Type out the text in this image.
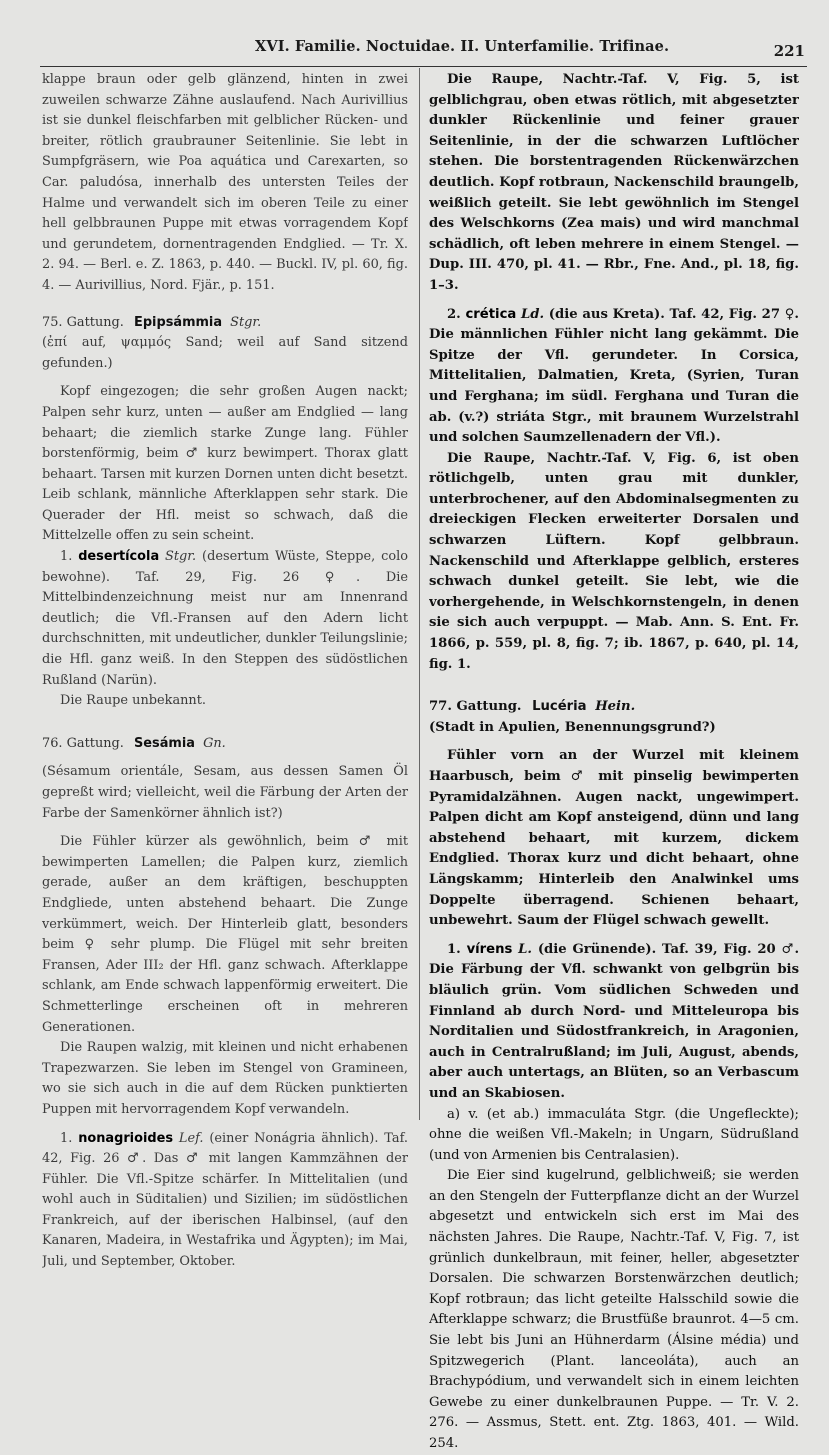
XVI. Familie. Noctuidae. II. Unterfamilie. Trifinae.	221

klappe braun oder gelb glänzend, hinten in zwei zuweilen schwarze Zähne auslaufend. Nach Aurivillius ist sie dunkel fleischfarben mit gelblicher Rücken- und breiter, rötlich graubrauner Seitenlinie. Sie lebt in Sumpfgräsern, wie Poa aquática und Carexarten, so Car. paludósa, innerhalb des untersten Teiles der Halme und verwandelt sich im oberen Teile zu einer hell gelbbraunen Puppe mit etwas vorragendem Kopf und gerundetem, dornentragenden Endglied. — Tr. X. 2. 94. — Berl. e. Z. 1863, p. 440. — Buckl. IV, pl. 60, fig. 4. — Aurivillius, Nord. Fjär., p. 151.

75. Gattung. Epipsámmia Stgr.

(ἐπί auf, ψαμμός Sand; weil auf Sand sitzend gefunden.)

Kopf eingezogen; die sehr großen Augen nackt; Palpen sehr kurz, unten — außer am Endglied — lang behaart; die ziemlich starke Zunge lang. Fühler borstenförmig, beim ♂ kurz bewimpert. Thorax glatt behaart. Tarsen mit kurzen Dornen unten dicht besetzt. Leib schlank, männliche Afterklappen sehr stark. Die Querader der Hfl. meist so schwach, daß die Mittelzelle offen zu sein scheint.

1. desertícola Stgr. (desertum Wüste, Steppe, colo bewohne). Taf. 29, Fig. 26 ♀. Die Mittelbindenzeichnung meist nur am Innenrand deutlich; die Vfl.-Fransen auf den Adern licht durchschnitten, mit undeutlicher, dunkler Teilungslinie; die Hfl. ganz weiß. In den Steppen des südöstlichen Rußland (Narün).

Die Raupe unbekannt.

76. Gattung. Sesámia Gn.

(Sésamum orientále, Sesam, aus dessen Samen Öl gepreßt wird; vielleicht, weil die Färbung der Arten der Farbe der Samenkörner ähnlich ist?)

Die Fühler kürzer als gewöhnlich, beim ♂ mit bewimperten Lamellen; die Palpen kurz, ziemlich gerade, außer an dem kräftigen, beschuppten Endgliede, unten abstehend behaart. Die Zunge verkümmert, weich. Der Hinterleib glatt, besonders beim ♀ sehr plump. Die Flügel mit sehr breiten Fransen, Ader III₂ der Hfl. ganz schwach. Afterklappe schlank, am Ende schwach lappenförmig erweitert. Die Schmetterlinge erscheinen oft in mehreren Generationen.

Die Raupen walzig, mit kleinen und nicht erhabenen Trapezwarzen. Sie leben im Stengel von Gramineen, wo sie sich auch in die auf dem Rücken punktierten Puppen mit hervorragendem Kopf verwandeln.

1. nonagrioides Lef. (einer Nonágria ähnlich). Taf. 42, Fig. 26 ♂. Das ♂ mit langen Kammzähnen der Fühler. Die Vfl.-Spitze schärfer. In Mittelitalien (und wohl auch in Süditalien) und Sizilien; im südöstlichen Frankreich, auf der iberischen Halbinsel, (auf den Kanaren, Madeira, in Westafrika und Ägypten); im Mai, Juli, und September, Oktober.

Die Raupe, Nachtr.-Taf. V, Fig. 5, ist gelblichgrau, oben etwas rötlich, mit abgesetzter dunkler Rückenlinie und feiner grauer Seitenlinie, in der die schwarzen Luftlöcher stehen. Die borstentragenden Rückenwärzchen deutlich. Kopf rotbraun, Nackenschild braungelb, weißlich geteilt. Sie lebt gewöhnlich im Stengel des Welschkorns (Zea mais) und wird manchmal schädlich, oft leben mehrere in einem Stengel. — Dup. III. 470, pl. 41. — Rbr., Fne. And., pl. 18, fig. 1–3.

2. crética Ld. (die aus Kreta). Taf. 42, Fig. 27 ♀. Die männlichen Fühler nicht lang gekämmt. Die Spitze der Vfl. gerundeter. In Corsica, Mittelitalien, Dalmatien, Kreta, (Syrien, Turan und Ferghana; im südl. Ferghana und Turan die ab. (v.?) striáta Stgr., mit braunem Wurzelstrahl und solchen Saumzellenadern der Vfl.).

Die Raupe, Nachtr.-Taf. V, Fig. 6, ist oben rötlichgelb, unten grau mit dunkler, unterbrochener, auf den Abdominalsegmenten zu dreieckigen Flecken erweiterter Dorsalen und schwarzen Lüftern. Kopf gelbbraun. Nackenschild und Afterklappe gelblich, ersteres schwach dunkel geteilt. Sie lebt, wie die vorhergehende, in Welschkornstengeln, in denen sie sich auch verpuppt. — Mab. Ann. S. Ent. Fr. 1866, p. 559, pl. 8, fig. 7; ib. 1867, p. 640, pl. 14, fig. 1.

77. Gattung. Lucéria Hein.

(Stadt in Apulien, Benennungsgrund?)

Fühler vorn an der Wurzel mit kleinem Haarbusch, beim ♂ mit pinselig bewimperten Pyramidalzähnen. Augen nackt, ungewimpert. Palpen dicht am Kopf ansteigend, dünn und lang abstehend behaart, mit kurzem, dickem Endglied. Thorax kurz und dicht behaart, ohne Längskamm; Hinterleib den Analwinkel ums Doppelte überragend. Schienen behaart, unbewehrt. Saum der Flügel schwach gewellt.

1. vírens L. (die Grünende). Taf. 39, Fig. 20 ♂. Die Färbung der Vfl. schwankt von gelbgrün bis bläulich grün. Vom südlichen Schweden und Finnland ab durch Nord- und Mitteleuropa bis Norditalien und Südostfrankreich, in Aragonien, auch in Centralrußland; im Juli, August, abends, aber auch untertags, an Blüten, so an Verbascum und an Skabiosen.

a) v. (et ab.) immaculáta Stgr. (die Ungefleckte); ohne die weißen Vfl.-Makeln; in Ungarn, Südrußland (und von Armenien bis Centralasien).

Die Eier sind kugelrund, gelblichweiß; sie werden an den Stengeln der Futterpflanze dicht an der Wurzel abgesetzt und entwickeln sich erst im Mai des nächsten Jahres. Die Raupe, Nachtr.-Taf. V, Fig. 7, ist grünlich dunkelbraun, mit feiner, heller, abgesetzter Dorsalen. Die schwarzen Borstenwärzchen deutlich; Kopf rotbraun; das licht geteilte Halsschild sowie die Afterklappe schwarz; die Brustfüße braunrot. 4—5 cm. Sie lebt bis Juni an Hühnerdarm (Álsine média) und Spitzwegerich (Plant. lanceoláta), auch an Brachypódium, und verwandelt sich in einem leichten Gewebe zu einer dunkelbraunen Puppe. — Tr. V. 2. 276. — Assmus, Stett. ent. Ztg. 1863, 401. — Wild. 254.
